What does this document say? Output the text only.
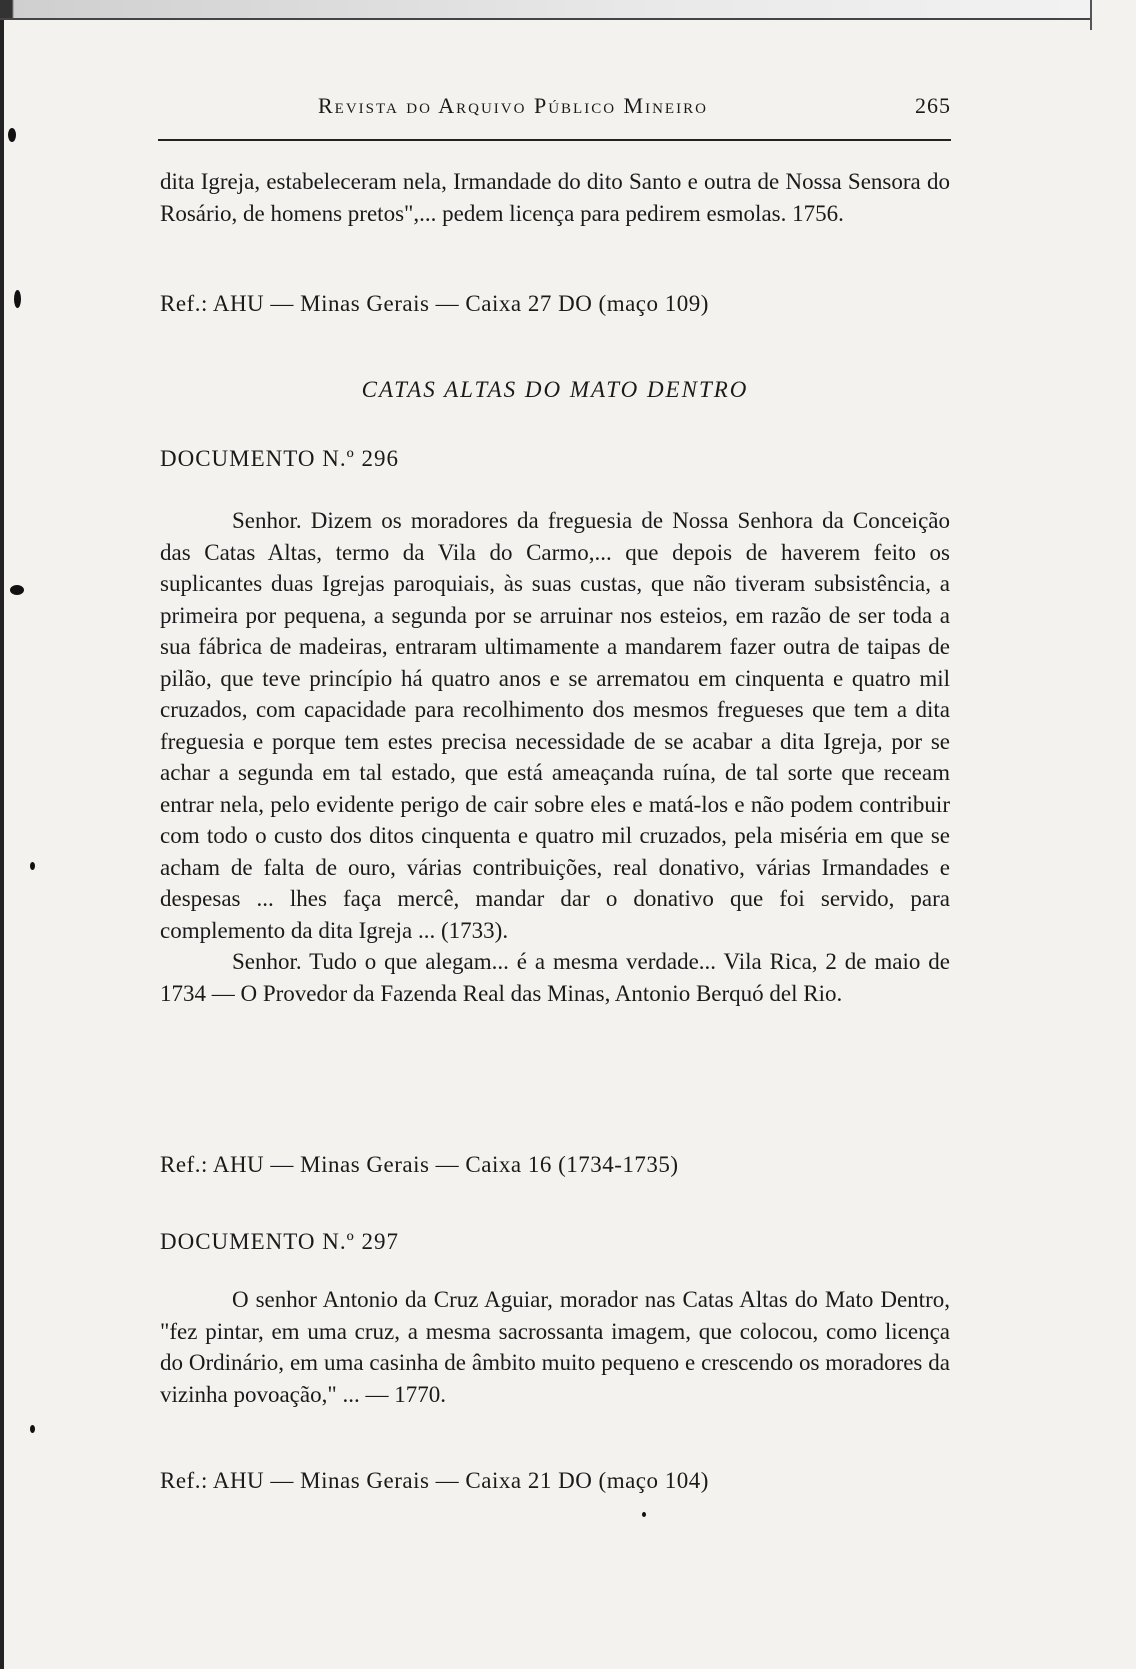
Revista do Arquivo Público Mineiro	265

dita Igreja, estabeleceram nela, Irmandade do dito Santo e outra de Nossa Sensora do Rosário, de homens pretos",... pedem licença para pedirem esmolas. 1756.

Ref.: AHU — Minas Gerais — Caixa 27 DO (maço 109)
CATAS ALTAS DO MATO DENTRO
DOCUMENTO N.º 296

Senhor. Dizem os moradores da freguesia de Nossa Senhora da Conceição das Catas Altas, termo da Vila do Carmo,... que depois de haverem feito os suplicantes duas Igrejas paroquiais, às suas custas, que não tiveram subsistência, a primeira por pequena, a segunda por se arruinar nos esteios, em razão de ser toda a sua fábrica de madeiras, entraram ultimamente a mandarem fazer outra de taipas de pilão, que teve princípio há quatro anos e se arrematou em cinquenta e quatro mil cruzados, com capacidade para recolhimento dos mesmos fregueses que tem a dita freguesia e porque tem estes precisa necessidade de se acabar a dita Igreja, por se achar a segunda em tal estado, que está ameaçanda ruína, de tal sorte que receam entrar nela, pelo evidente perigo de cair sobre eles e matá-los e não podem contribuir com todo o custo dos ditos cinquenta e quatro mil cruzados, pela miséria em que se acham de falta de ouro, várias contribuições, real donativo, várias Irmandades e despesas ... lhes faça mercê, mandar dar o donativo que foi servido, para complemento da dita Igreja ... (1733).

Senhor. Tudo o que alegam... é a mesma verdade... Vila Rica, 2 de maio de 1734 — O Provedor da Fazenda Real das Minas, Antonio Berquó del Rio.

Ref.: AHU — Minas Gerais — Caixa 16 (1734-1735)
DOCUMENTO N.º 297

O senhor Antonio da Cruz Aguiar, morador nas Catas Altas do Mato Dentro, "fez pintar, em uma cruz, a mesma sacrossanta imagem, que colocou, como licença do Ordinário, em uma casinha de âmbito muito pequeno e crescendo os moradores da vizinha povoação," ... — 1770.

Ref.: AHU — Minas Gerais — Caixa 21 DO (maço 104)
